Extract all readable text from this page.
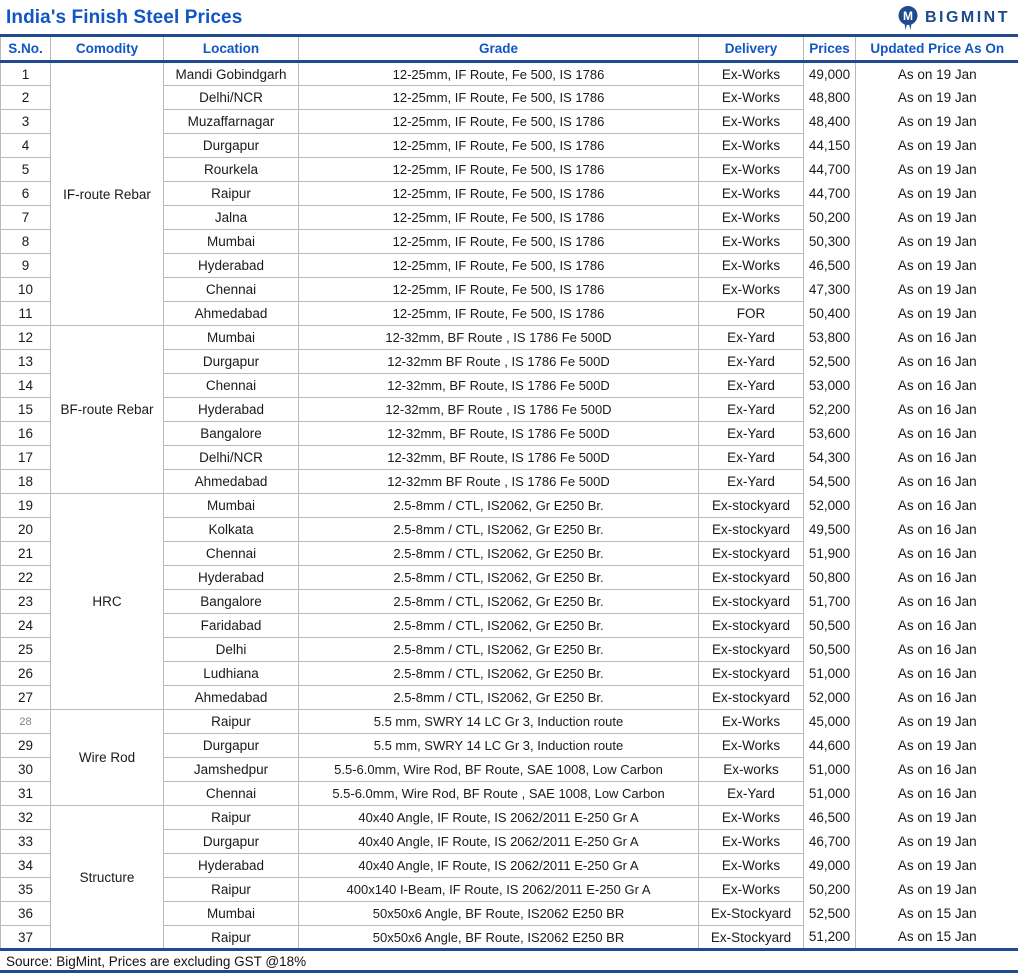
India's Finish Steel Prices	M BIGMINT
S.No.	Comodity	Location	Grade	Delivery	Prices	Updated Price As On
1	IF-route Rebar	Mandi Gobindgarh	12-25mm, IF Route, Fe 500, IS 1786	Ex-Works	49,000	As on 19 Jan
2		Delhi/NCR	12-25mm, IF Route, Fe 500, IS 1786	Ex-Works	48,800	As on 19 Jan
3		Muzaffarnagar	12-25mm, IF Route, Fe 500, IS 1786	Ex-Works	48,400	As on 19 Jan
4		Durgapur	12-25mm, IF Route, Fe 500, IS 1786	Ex-Works	44,150	As on 19 Jan
5		Rourkela	12-25mm, IF Route, Fe 500, IS 1786	Ex-Works	44,700	As on 19 Jan
6		Raipur	12-25mm, IF Route, Fe 500, IS 1786	Ex-Works	44,700	As on 19 Jan
7		Jalna	12-25mm, IF Route, Fe 500, IS 1786	Ex-Works	50,200	As on 19 Jan
8		Mumbai	12-25mm, IF Route, Fe 500, IS 1786	Ex-Works	50,300	As on 19 Jan
9		Hyderabad	12-25mm, IF Route, Fe 500, IS 1786	Ex-Works	46,500	As on 19 Jan
10		Chennai	12-25mm, IF Route, Fe 500, IS 1786	Ex-Works	47,300	As on 19 Jan
11		Ahmedabad	12-25mm, IF Route, Fe 500, IS 1786	FOR	50,400	As on 19 Jan
12	BF-route Rebar	Mumbai	12-32mm, BF Route , IS 1786 Fe 500D	Ex-Yard	53,800	As on 16 Jan
13		Durgapur	12-32mm BF Route , IS 1786 Fe 500D	Ex-Yard	52,500	As on 16 Jan
14		Chennai	12-32mm, BF Route, IS 1786 Fe 500D	Ex-Yard	53,000	As on 16 Jan
15		Hyderabad	12-32mm, BF Route , IS 1786 Fe 500D	Ex-Yard	52,200	As on 16 Jan
16		Bangalore	12-32mm, BF Route, IS 1786 Fe 500D	Ex-Yard	53,600	As on 16 Jan
17		Delhi/NCR	12-32mm, BF Route, IS 1786 Fe 500D	Ex-Yard	54,300	As on 16 Jan
18		Ahmedabad	12-32mm BF Route , IS 1786 Fe 500D	Ex-Yard	54,500	As on 16 Jan
19	HRC	Mumbai	2.5-8mm / CTL, IS2062, Gr E250 Br.	Ex-stockyard	52,000	As on 16 Jan
20		Kolkata	2.5-8mm / CTL, IS2062, Gr E250 Br.	Ex-stockyard	49,500	As on 16 Jan
21		Chennai	2.5-8mm / CTL, IS2062, Gr E250 Br.	Ex-stockyard	51,900	As on 16 Jan
22		Hyderabad	2.5-8mm / CTL, IS2062, Gr E250 Br.	Ex-stockyard	50,800	As on 16 Jan
23		Bangalore	2.5-8mm / CTL, IS2062, Gr E250 Br.	Ex-stockyard	51,700	As on 16 Jan
24		Faridabad	2.5-8mm / CTL, IS2062, Gr E250 Br.	Ex-stockyard	50,500	As on 16 Jan
25		Delhi	2.5-8mm / CTL, IS2062, Gr E250 Br.	Ex-stockyard	50,500	As on 16 Jan
26		Ludhiana	2.5-8mm / CTL, IS2062, Gr E250 Br.	Ex-stockyard	51,000	As on 16 Jan
27		Ahmedabad	2.5-8mm / CTL, IS2062, Gr E250 Br.	Ex-stockyard	52,000	As on 16 Jan
28	Wire Rod	Raipur	5.5 mm, SWRY 14 LC Gr 3, Induction route	Ex-Works	45,000	As on 19 Jan
29		Durgapur	5.5 mm, SWRY 14 LC Gr 3, Induction route	Ex-Works	44,600	As on 19 Jan
30		Jamshedpur	5.5-6.0mm, Wire Rod, BF Route, SAE 1008, Low Carbon	Ex-works	51,000	As on 16 Jan
31		Chennai	5.5-6.0mm, Wire Rod, BF Route , SAE 1008, Low Carbon	Ex-Yard	51,000	As on 16 Jan
32	Structure	Raipur	40x40 Angle, IF Route, IS 2062/2011 E-250 Gr A	Ex-Works	46,500	As on 19 Jan
33		Durgapur	40x40 Angle, IF Route, IS 2062/2011 E-250 Gr A	Ex-Works	46,700	As on 19 Jan
34		Hyderabad	40x40 Angle, IF Route, IS 2062/2011 E-250 Gr A	Ex-Works	49,000	As on 19 Jan
35		Raipur	400x140 I-Beam, IF Route, IS 2062/2011 E-250 Gr A	Ex-Works	50,200	As on 19 Jan
36		Mumbai	50x50x6 Angle, BF Route, IS2062 E250 BR	Ex-Stockyard	52,500	As on 15 Jan
37		Raipur	50x50x6 Angle, BF Route, IS2062 E250 BR	Ex-Stockyard	51,200	As on 15 Jan
Source: BigMint, Prices are excluding GST @18%
